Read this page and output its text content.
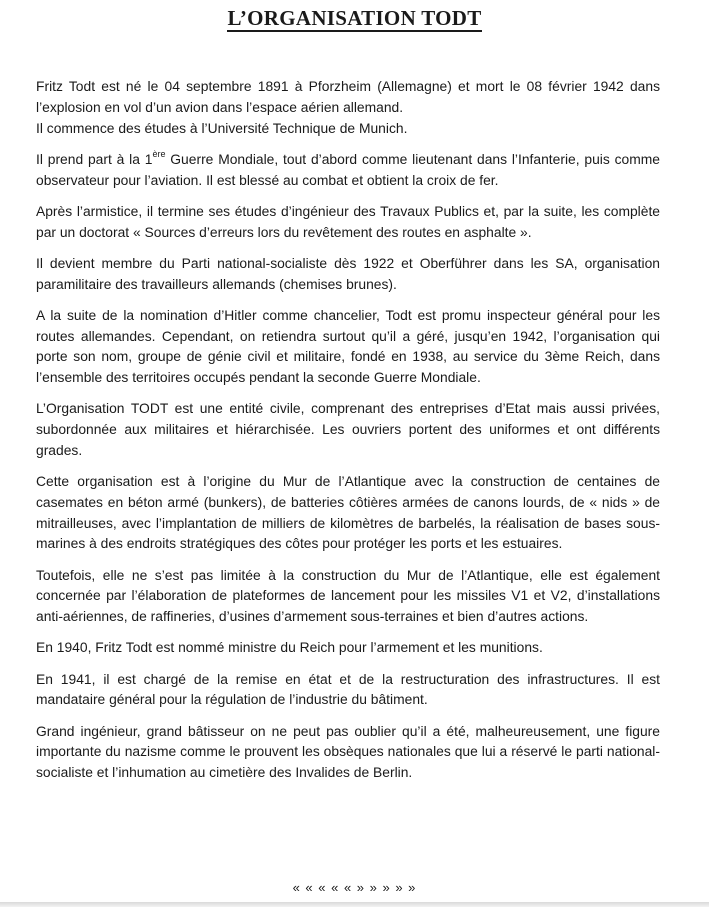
L’ORGANISATION TODT

Fritz Todt est né le 04 septembre 1891 à Pforzheim (Allemagne) et mort le 08 février 1942 dans l’explosion en vol d’un avion dans l’espace aérien allemand.
Il commence des études à l’Université Technique de Munich.

Il prend part à la 1ère Guerre Mondiale, tout d’abord comme lieutenant dans l’Infanterie, puis comme observateur pour l’aviation. Il est blessé au combat et obtient la croix de fer.

Après l’armistice, il termine ses études d’ingénieur des Travaux Publics et, par la suite, les complète par un doctorat « Sources d’erreurs lors du revêtement des routes en asphalte ».

Il devient membre du Parti national-socialiste dès 1922 et Oberführer dans les SA, organisation paramilitaire des travailleurs allemands (chemises brunes).

A la suite de la nomination d’Hitler comme chancelier, Todt est promu inspecteur général pour les routes allemandes. Cependant, on retiendra surtout qu’il a géré, jusqu’en 1942, l’organisation qui porte son nom, groupe de génie civil et militaire, fondé en 1938, au service du 3ème Reich, dans l’ensemble des territoires occupés pendant la seconde Guerre Mondiale.

L’Organisation TODT est une entité civile, comprenant des entreprises d’Etat mais aussi privées, subordonnée aux militaires et hiérarchisée. Les ouvriers portent des uniformes et ont différents grades.

Cette organisation est à l’origine du Mur de l’Atlantique avec la construction de centaines de casemates en béton armé (bunkers), de batteries côtières armées de canons lourds, de « nids » de mitrailleuses, avec l’implantation de milliers de kilomètres de barbelés, la réalisation de bases sous-marines à des endroits stratégiques des côtes pour protéger les ports et les estuaires.

Toutefois, elle ne s’est pas limitée à la construction du Mur de l’Atlantique, elle est également concernée par l’élaboration de plateformes de lancement pour les missiles V1 et V2, d’installations anti-aériennes, de raffineries, d’usines d’armement sous-terraines et bien d’autres actions.

En 1940, Fritz Todt est nommé ministre du Reich pour l’armement et les munitions.

En 1941, il est chargé de la remise en état et de la restructuration des infrastructures. Il est mandataire général pour la régulation de l’industrie du bâtiment.

Grand ingénieur, grand bâtisseur on ne peut pas oublier qu’il a été, malheureusement, une figure importante du nazisme comme le prouvent les obsèques nationales que lui a réservé le parti national-socialiste et l’inhumation au cimetière des Invalides de Berlin.

« « « « « » » » » »
